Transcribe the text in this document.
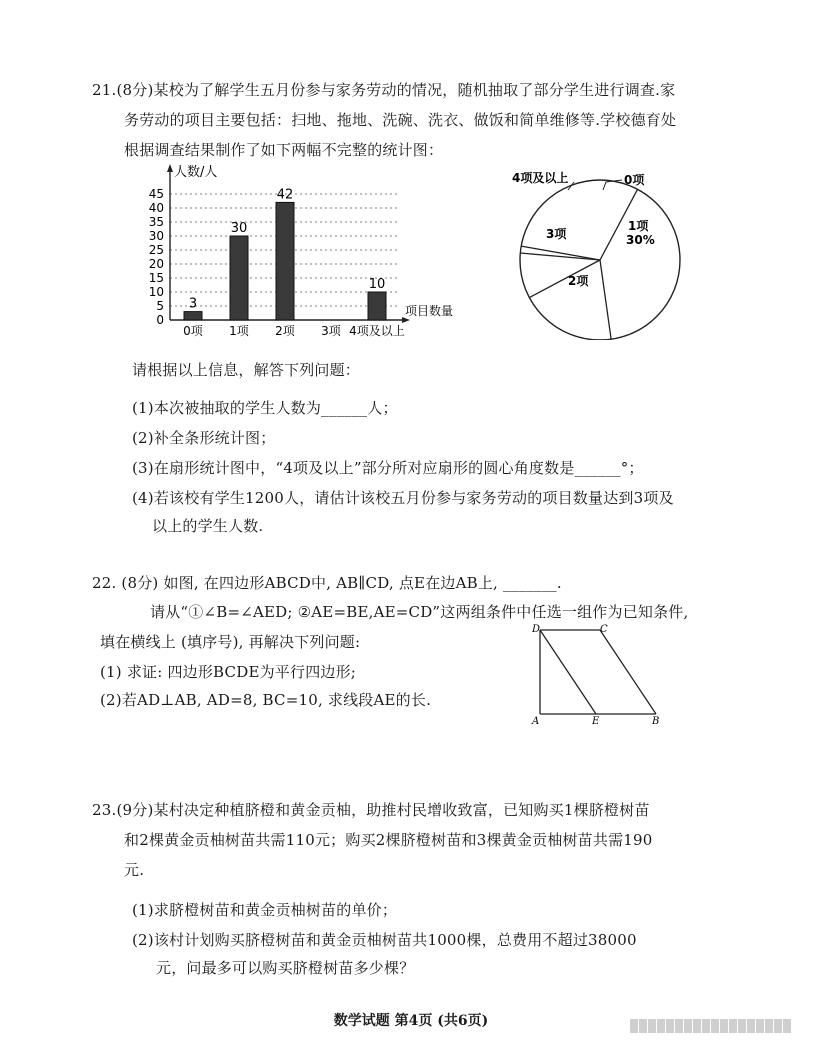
21.(8分)某校为了解学生五月份参与家务劳动的情况，随机抽取了部分学生进行调查.家
务劳动的项目主要包括：扫地、拖地、洗碗、洗衣、做饭和简单维修等.学校德育处
根据调查结果制作了如下两幅不完整的统计图：
人数/人
项目数量
0
5
10
15
20
25
30
35
40
45
3
30
42
10
0项 1项 2项 3项 4项及以上
4项及以上	0项
1项
30%
3项
2项
请根据以上信息，解答下列问题：
(1)本次被抽取的学生人数为______人；
(2)补全条形统计图；
(3)在扇形统计图中，“4项及以上”部分所对应扇形的圆心角度数是______°；
(4)若该校有学生1200人，请估计该校五月份参与家务劳动的项目数量达到3项及
以上的学生人数.
22. (8分) 如图, 在四边形ABCD中, AB∥CD, 点E在边AB上, _______.
请从“①∠B=∠AED; ②AE=BE,AE=CD”这两组条件中任选一组作为已知条件,
填在横线上 (填序号), 再解决下列问题:
(1) 求证: 四边形BCDE为平行四边形;
(2)若AD⊥AB, AD=8, BC=10, 求线段AE的长.
D	C
A	E	B
23.(9分)某村决定种植脐橙和黄金贡柚，助推村民增收致富，已知购买1棵脐橙树苗
和2棵黄金贡柚树苗共需110元；购买2棵脐橙树苗和3棵黄金贡柚树苗共需190
元.
(1)求脐橙树苗和黄金贡柚树苗的单价；
(2)该村计划购买脐橙树苗和黄金贡柚树苗共1000棵，总费用不超过38000
元，问最多可以购买脐橙树苗多少棵？
数学试题 第4页 (共6页)
